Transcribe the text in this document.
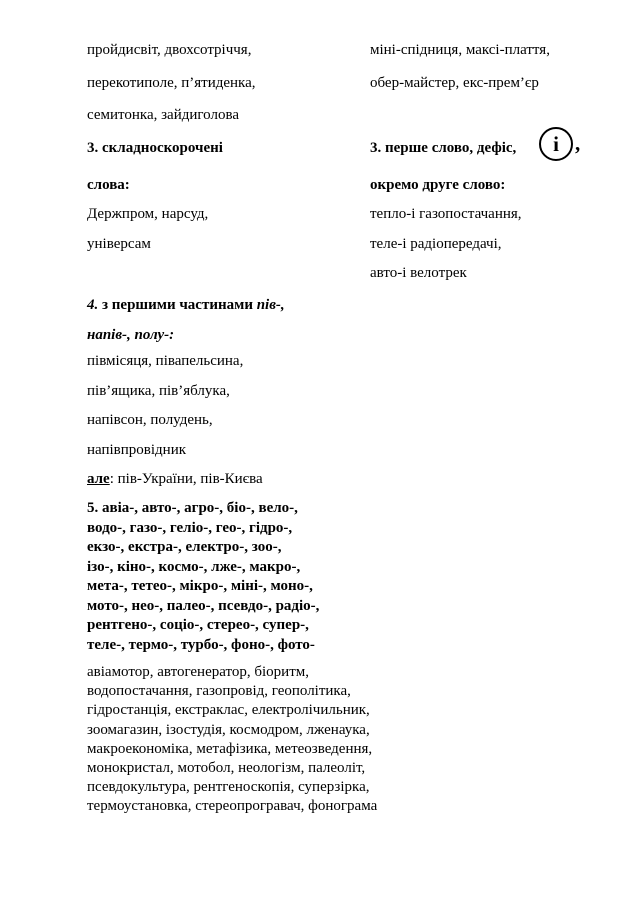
пройдисвіт, двохсотріччя,
перекотиполе, п’ятиденка,
семитонка, зайдиголова
3. складноскорочені
слова:
Держпром, нарсуд,
універсам
4. з першими частинами пів-,
напів-, полу-:
півмісяця, півапельсина,
пів’ящика, пів’яблука,
напівсон, полудень,
напівпровідник
але: пів-України, пів-Києва
5. авіа-, авто-, агро-, біо-, вело-,
водо-, газо-, геліо-, гео-, гідро-,
екзо-, екстра-, електро-, зоо-,
ізо-, кіно-, космо-, лже-, макро-,
мета-, тетео-, мікро-, міні-, моно-,
мото-, нео-, палео-, псевдо-, радіо-,
рентгено-, соціо-, стерео-, супер-,
теле-, термо-, турбо-, фоно-, фото-
авіамотор, автогенератор, біоритм,
водопостачання, газопровід, геополітика,
гідростанція, екстраклас, електролічильник,
зоомагазин, ізостудія, космодром, лженаука,
макроекономіка, метафізика, метеозведення,
монокристал, мотобол, неологізм, палеоліт,
псевдокультура, рентгеноскопія, суперзірка,
термоустановка, стереопрогравач, фонограма
міні-спідниця, максі-плаття,
обер-майстер, екс-прем’єр
3. перше слово, дефіс,	і ,
окремо друге слово:
тепло-і газопостачання,
теле-і радіопередачі,
авто-і велотрек
